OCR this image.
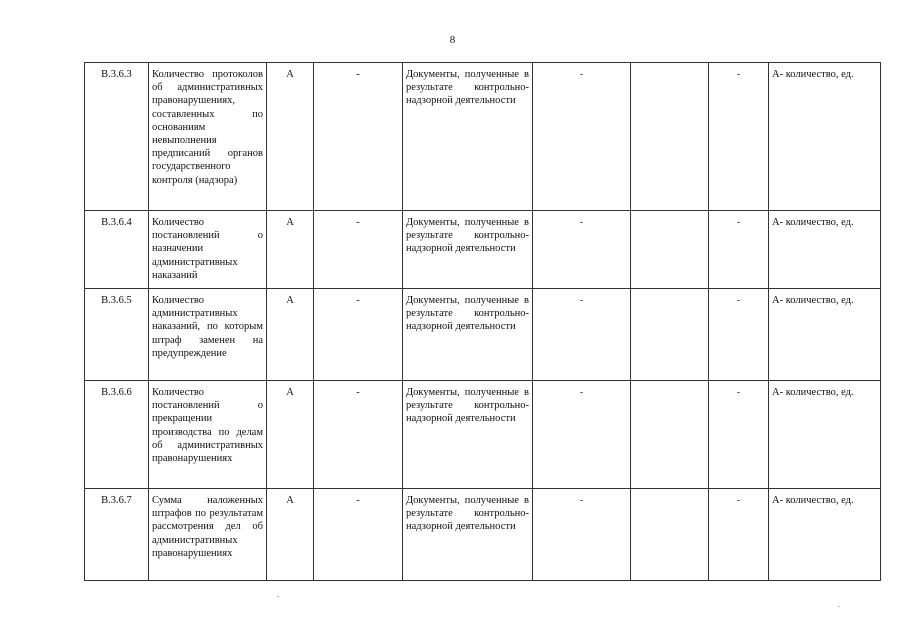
8
В.3.6.3	Количество протоколов об административных правонарушениях, составленных по основаниям невыполнения предписаний органов государственного контроля (надзора)	А	-	Документы, полученные в результате контрольно-надзорной деятельности	-		-	А- количество, ед.
В.3.6.4	Количество постановлений о назначении административных наказаний	А	-	Документы, полученные в результате контрольно-надзорной деятельности	-		-	А- количество, ед.
В.3.6.5	Количество административных наказаний, по которым штраф заменен на предупреждение	А	-	Документы, полученные в результате контрольно-надзорной деятельности	-		-	А- количество, ед.
В.3.6.6	Количество постановлений о прекращении производства по делам об административных правонарушениях	А	-	Документы, полученные в результате контрольно-надзорной деятельности	-		-	А- количество, ед.
В.3.6.7	Сумма наложенных штрафов по результатам рассмотрения дел об административных правонарушениях	А	-	Документы, полученные в результате контрольно-надзорной деятельности	-		-	А- количество, ед.
